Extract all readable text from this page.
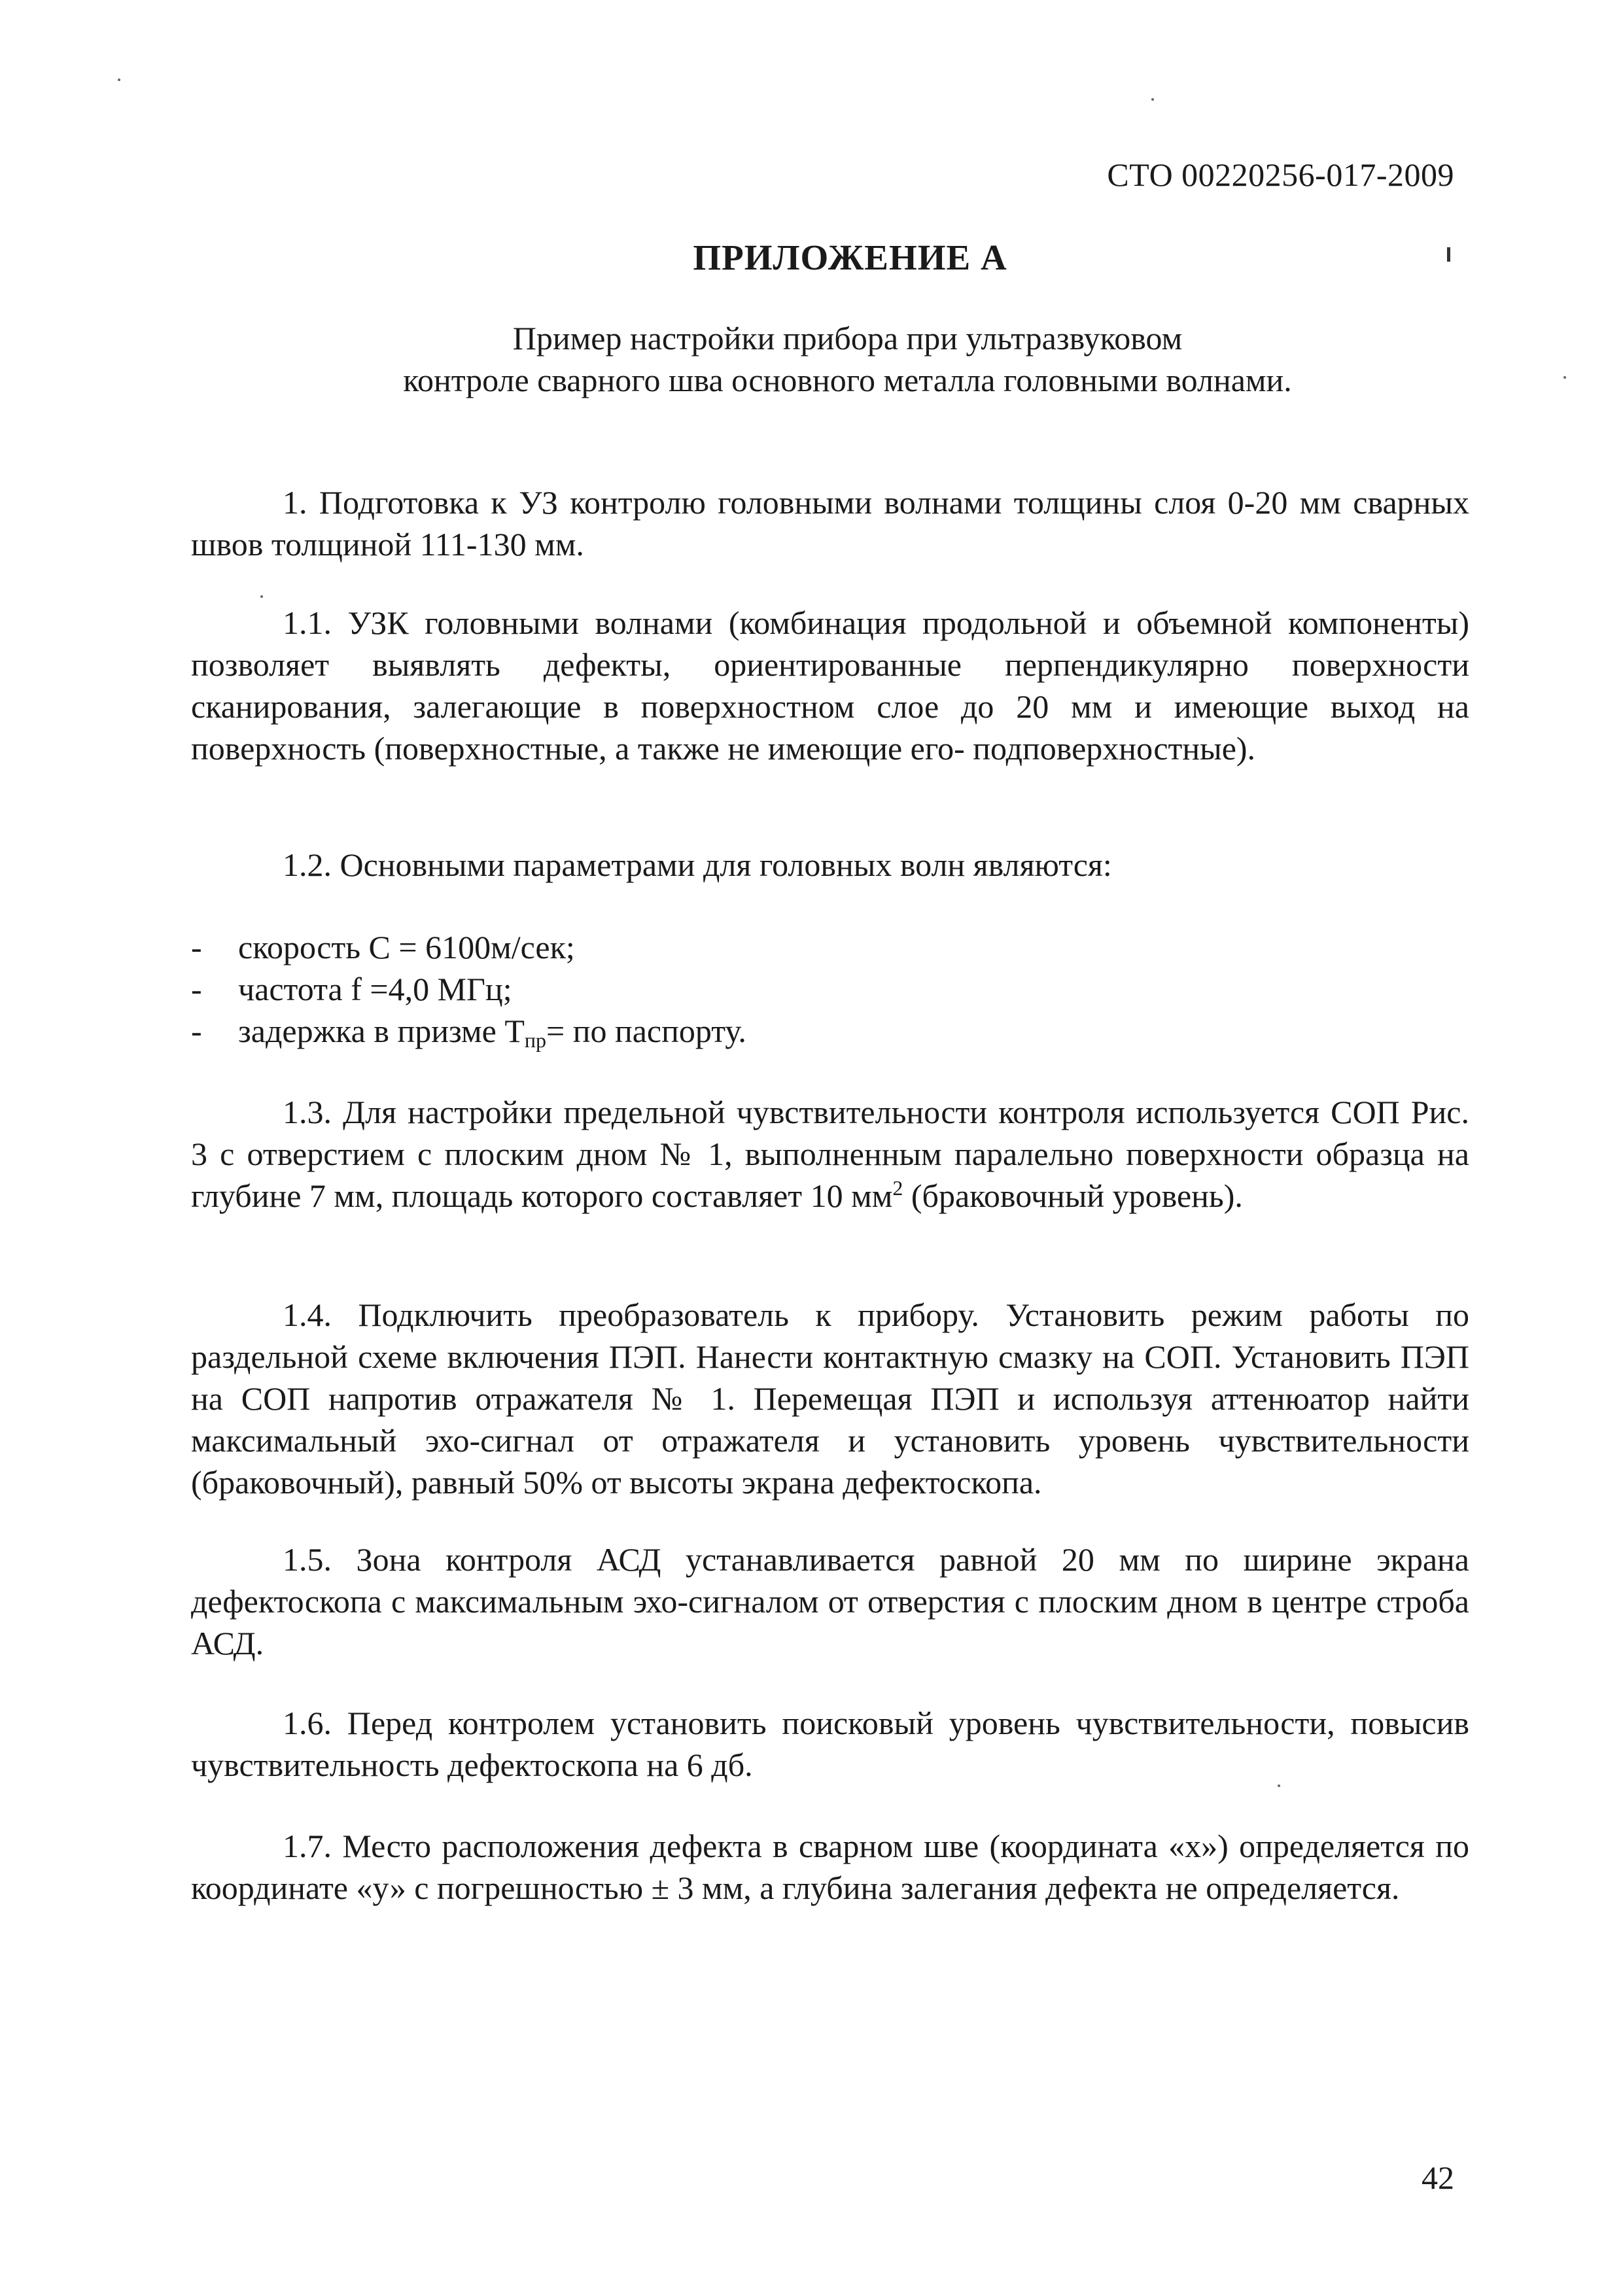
СТО 00220256-017-2009
ПРИЛОЖЕНИЕ А
Пример настройки прибора при ультразвуковом
контроле сварного шва основного металла головными волнами.
1. Подготовка к УЗ контролю головными волнами толщины слоя 0-20 мм сварных швов толщиной 111-130 мм.
1.1. УЗК головными волнами (комбинация продольной и объемной компоненты) позволяет выявлять дефекты, ориентированные перпендикулярно поверхности сканирования, залегающие в поверхностном слое до 20 мм и имеющие выход на поверхность (поверхностные, а также не имеющие его- подповерхностные).
1.2. Основными параметрами для головных волн являются:
- скорость С = 6100м/сек;
- частота f =4,0 МГц;
- задержка в призме $Т_{пр}=$ по паспорту.
1.3. Для настройки предельной чувствительности контроля используется СОП Рис. 3 с отверстием с плоским дном № 1, выполненным паралельно поверхности образца на глубине 7 мм, площадь которого составляет 10 $мм^2$ (браковочный уровень).
1.4. Подключить преобразователь к прибору. Установить режим работы по раздельной схеме включения ПЭП. Нанести контактную смазку на СОП. Установить ПЭП на СОП напротив отражателя № 1. Перемещая ПЭП и используя аттенюатор найти максимальный эхо-сигнал от отражателя и установить уровень чувствительности (браковочный), равный 50% от высоты экрана дефектоскопа.
1.5. Зона контроля АСД устанавливается равной 20 мм по ширине экрана дефектоскопа с максимальным эхо-сигналом от отверстия с плоским дном в центре строба АСД.
1.6. Перед контролем установить поисковый уровень чувствительности, повысив чувствительность дефектоскопа на 6 дб.
1.7. Место расположения дефекта в сварном шве (координата «х») определяется по координате «у» с погрешностью ± 3 мм, а глубина залегания дефекта не определяется.
42
